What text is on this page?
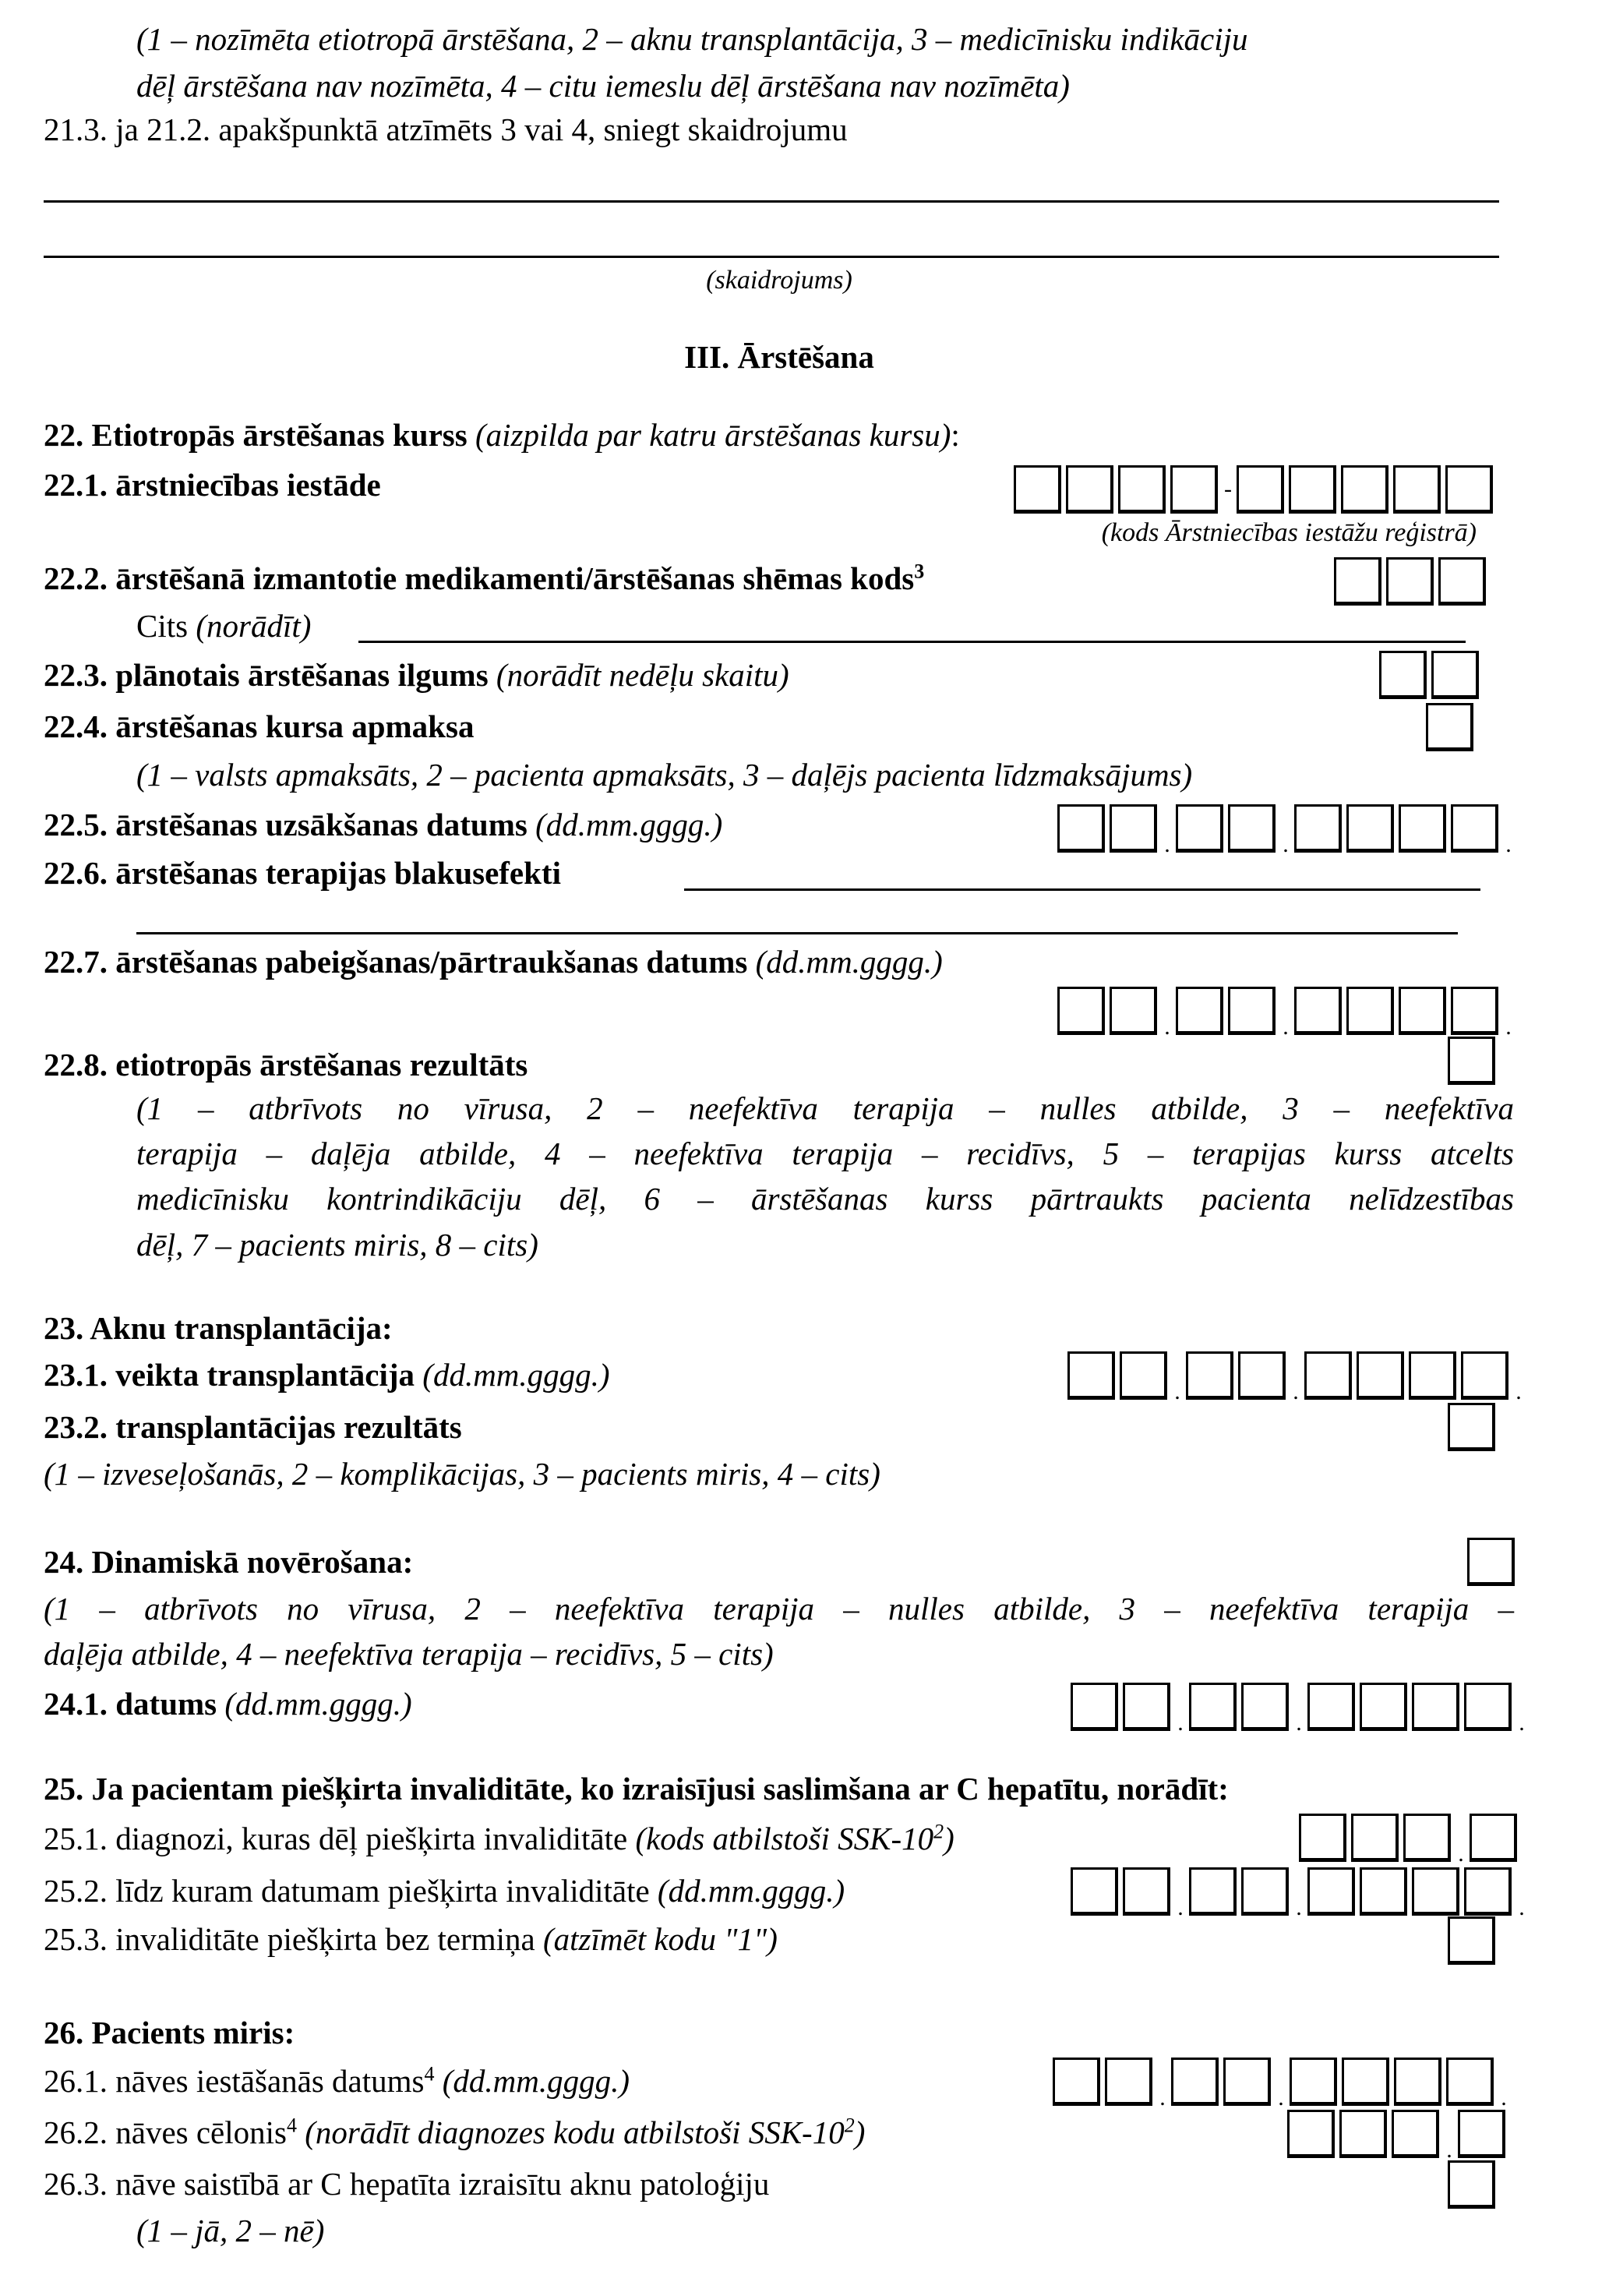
(1 – nozīmēta etiotropā ārstēšana, 2 – aknu transplantācija, 3 – medicīnisku indikāciju
dēļ ārstēšana nav nozīmēta, 4 – citu iemeslu dēļ ārstēšana nav nozīmēta)
21.3. ja 21.2. apakšpunktā atzīmēts 3 vai 4, sniegt skaidrojumu
(skaidrojums)
III. Ārstēšana
22. Etiotropās ārstēšanas kurss (aizpilda par katru ārstēšanas kursu):
22.1. ārstniecības iestāde	-
(kods Ārstniecības iestāžu reģistrā)
22.2. ārstēšanā izmantotie medikamenti/ārstēšanas shēmas kods$^3$
Cits (norādīt)
22.3. plānotais ārstēšanas ilgums (norādīt nedēļu skaitu)
22.4. ārstēšanas kursa apmaksa
(1 – valsts apmaksāts, 2 – pacienta apmaksāts, 3 – daļējs pacienta līdzmaksājums)
22.5. ārstēšanas uzsākšanas datums (dd.mm.gggg.)
.	.	.
22.6. ārstēšanas terapijas blakusefekti
22.7. ārstēšanas pabeigšanas/pārtraukšanas datums (dd.mm.gggg.)
.	.	.
22.8. etiotropās ārstēšanas rezultāts
(1 – atbrīvots no vīrusa, 2 – neefektīva terapija – nulles atbilde, 3 – neefektīva
terapija – daļēja atbilde, 4 – neefektīva terapija – recidīvs, 5 – terapijas kurss atcelts
medicīnisku kontrindikāciju dēļ, 6 – ārstēšanas kurss pārtraukts pacienta nelīdzestības
dēļ, 7 – pacients miris, 8 – cits)
23. Aknu transplantācija:
23.1. veikta transplantācija (dd.mm.gggg.)	.	.	.
23.2. transplantācijas rezultāts
(1 – izveseļošanās, 2 – komplikācijas, 3 – pacients miris, 4 – cits)
24. Dinamiskā novērošana:
(1 – atbrīvots no vīrusa, 2 – neefektīva terapija – nulles atbilde, 3 – neefektīva terapija –
daļēja atbilde, 4 – neefektīva terapija – recidīvs, 5 – cits)
24.1. datums (dd.mm.gggg.)
.	.	.
25. Ja pacientam piešķirta invaliditāte, ko izraisījusi saslimšana ar C hepatītu, norādīt:
25.1. diagnozi, kuras dēļ piešķirta invaliditāte (kods atbilstoši SSK-$10^2$)	.
25.2. līdz kuram datumam piešķirta invaliditāte (dd.mm.gggg.)	.	.	.
25.3. invaliditāte piešķirta bez termiņa (atzīmēt kodu "1")
26. Pacients miris:
26.1. nāves iestāšanās datums$^4$ (dd.mm.gggg.)	.	.	.
26.2. nāves cēlonis$^4$ (norādīt diagnozes kodu atbilstoši SSK-$10^2$)	.
26.3. nāve saistībā ar C hepatīta izraisītu aknu patoloģiju
(1 – jā, 2 – nē)
